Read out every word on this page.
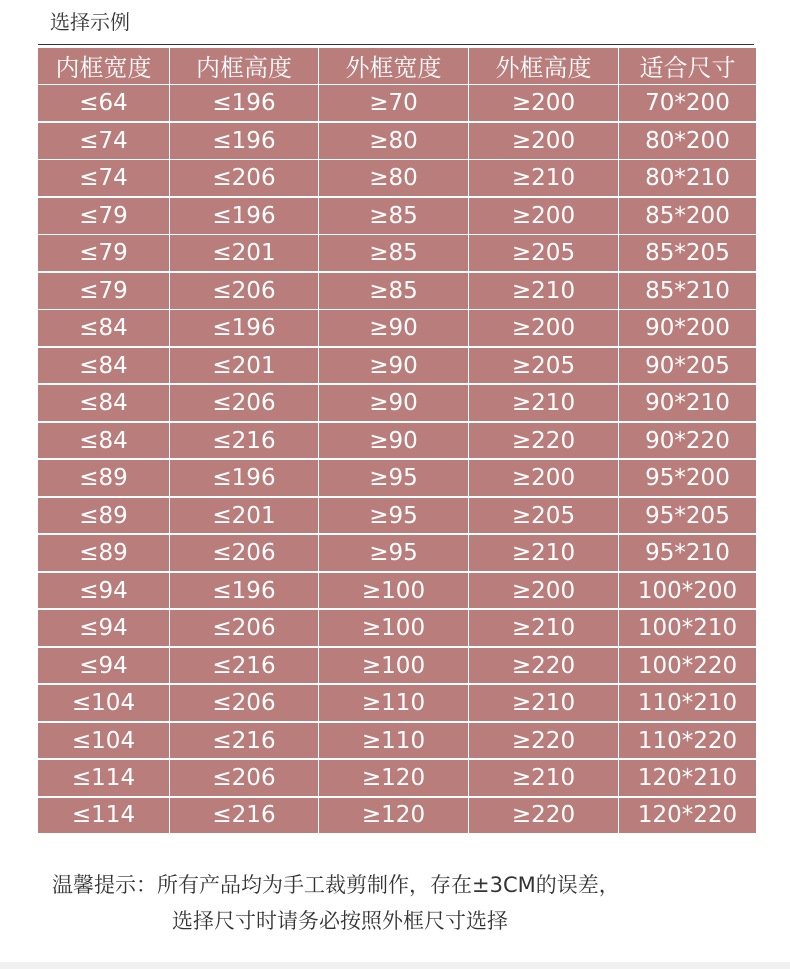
选择示例
内框宽度	内框高度	外框宽度	外框高度	适合尺寸
≤64	≤196	≥70	≥200	70*200
≤74	≤196	≥80	≥200	80*200
≤74	≤206	≥80	≥210	80*210
≤79	≤196	≥85	≥200	85*200
≤79	≤201	≥85	≥205	85*205
≤79	≤206	≥85	≥210	85*210
≤84	≤196	≥90	≥200	90*200
≤84	≤201	≥90	≥205	90*205
≤84	≤206	≥90	≥210	90*210
≤84	≤216	≥90	≥220	90*220
≤89	≤196	≥95	≥200	95*200
≤89	≤201	≥95	≥205	95*205
≤89	≤206	≥95	≥210	95*210
≤94	≤196	≥100	≥200	100*200
≤94	≤206	≥100	≥210	100*210
≤94	≤216	≥100	≥220	100*220
≤104	≤206	≥110	≥210	110*210
≤104	≤216	≥110	≥220	110*220
≤114	≤206	≥120	≥210	120*210
≤114	≤216	≥120	≥220	120*220
温馨提示：所有产品均为手工裁剪制作，存在±3CM的误差，
选择尺寸时请务必按照外框尺寸选择
